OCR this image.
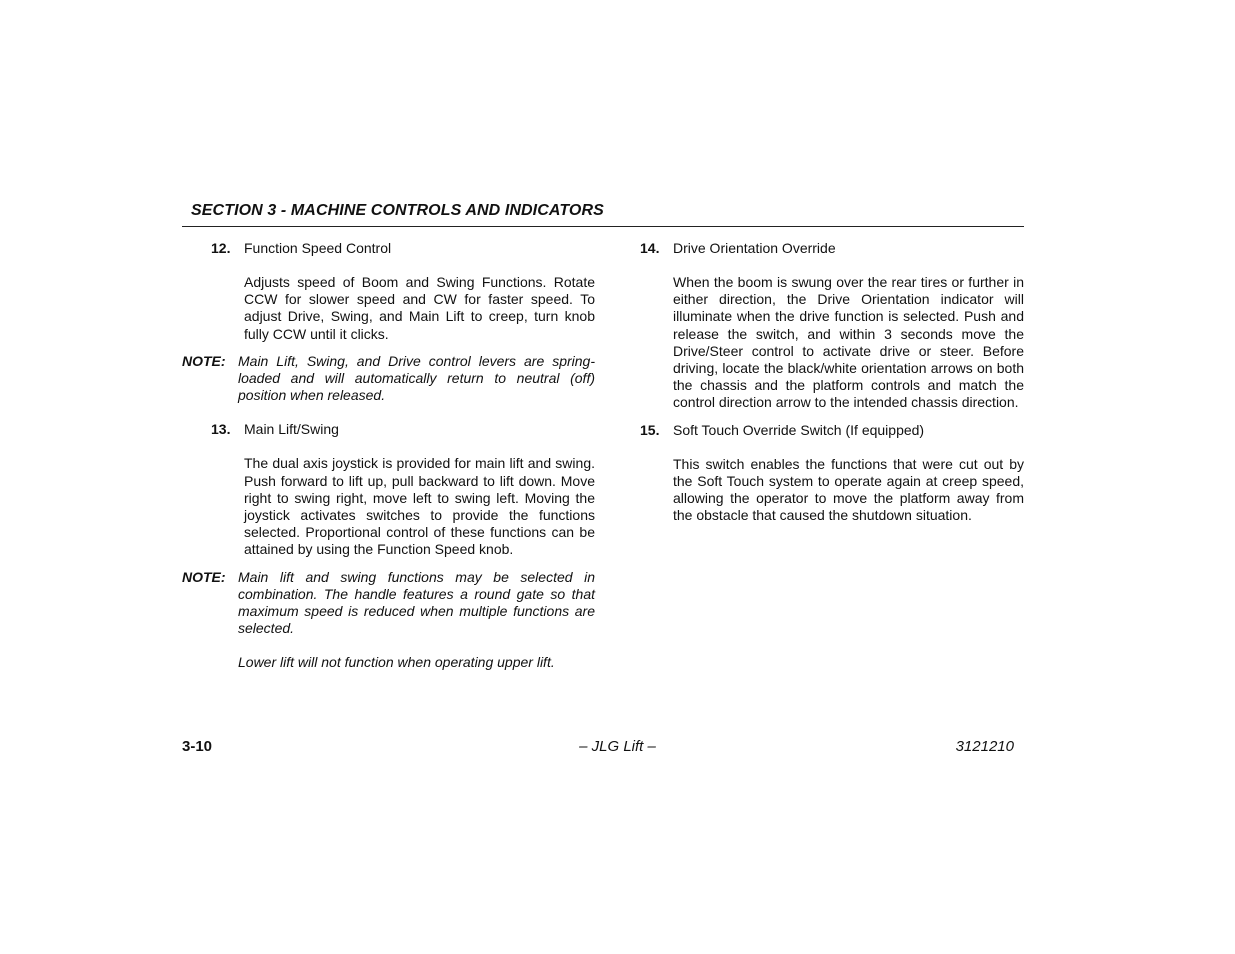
SECTION 3 - MACHINE CONTROLS AND INDICATORS
12. Function Speed Control

Adjusts speed of Boom and Swing Functions. Rotate CCW for slower speed and CW for faster speed. To adjust Drive, Swing, and Main Lift to creep, turn knob fully CCW until it clicks.

NOTE: Main Lift, Swing, and Drive control levers are spring-loaded and will automatically return to neutral (off) position when released.
13. Main Lift/Swing

The dual axis joystick is provided for main lift and swing. Push forward to lift up, pull backward to lift down. Move right to swing right, move left to swing left. Moving the joystick activates switches to provide the functions selected. Proportional control of these functions can be attained by using the Function Speed knob.

NOTE: Main lift and swing functions may be selected in combination. The handle features a round gate so that maximum speed is reduced when multiple functions are selected.
Lower lift will not function when operating upper lift.
14. Drive Orientation Override

When the boom is swung over the rear tires or further in either direction, the Drive Orientation indicator will illuminate when the drive function is selected. Push and release the switch, and within 3 seconds move the Drive/Steer control to activate drive or steer. Before driving, locate the black/white orientation arrows on both the chassis and the platform controls and match the control direction arrow to the intended chassis direction.

15. Soft Touch Override Switch (If equipped)

This switch enables the functions that were cut out by the Soft Touch system to operate again at creep speed, allowing the operator to move the platform away from the obstacle that caused the shutdown situation.

– JLG Lift –
3-10	3121210
